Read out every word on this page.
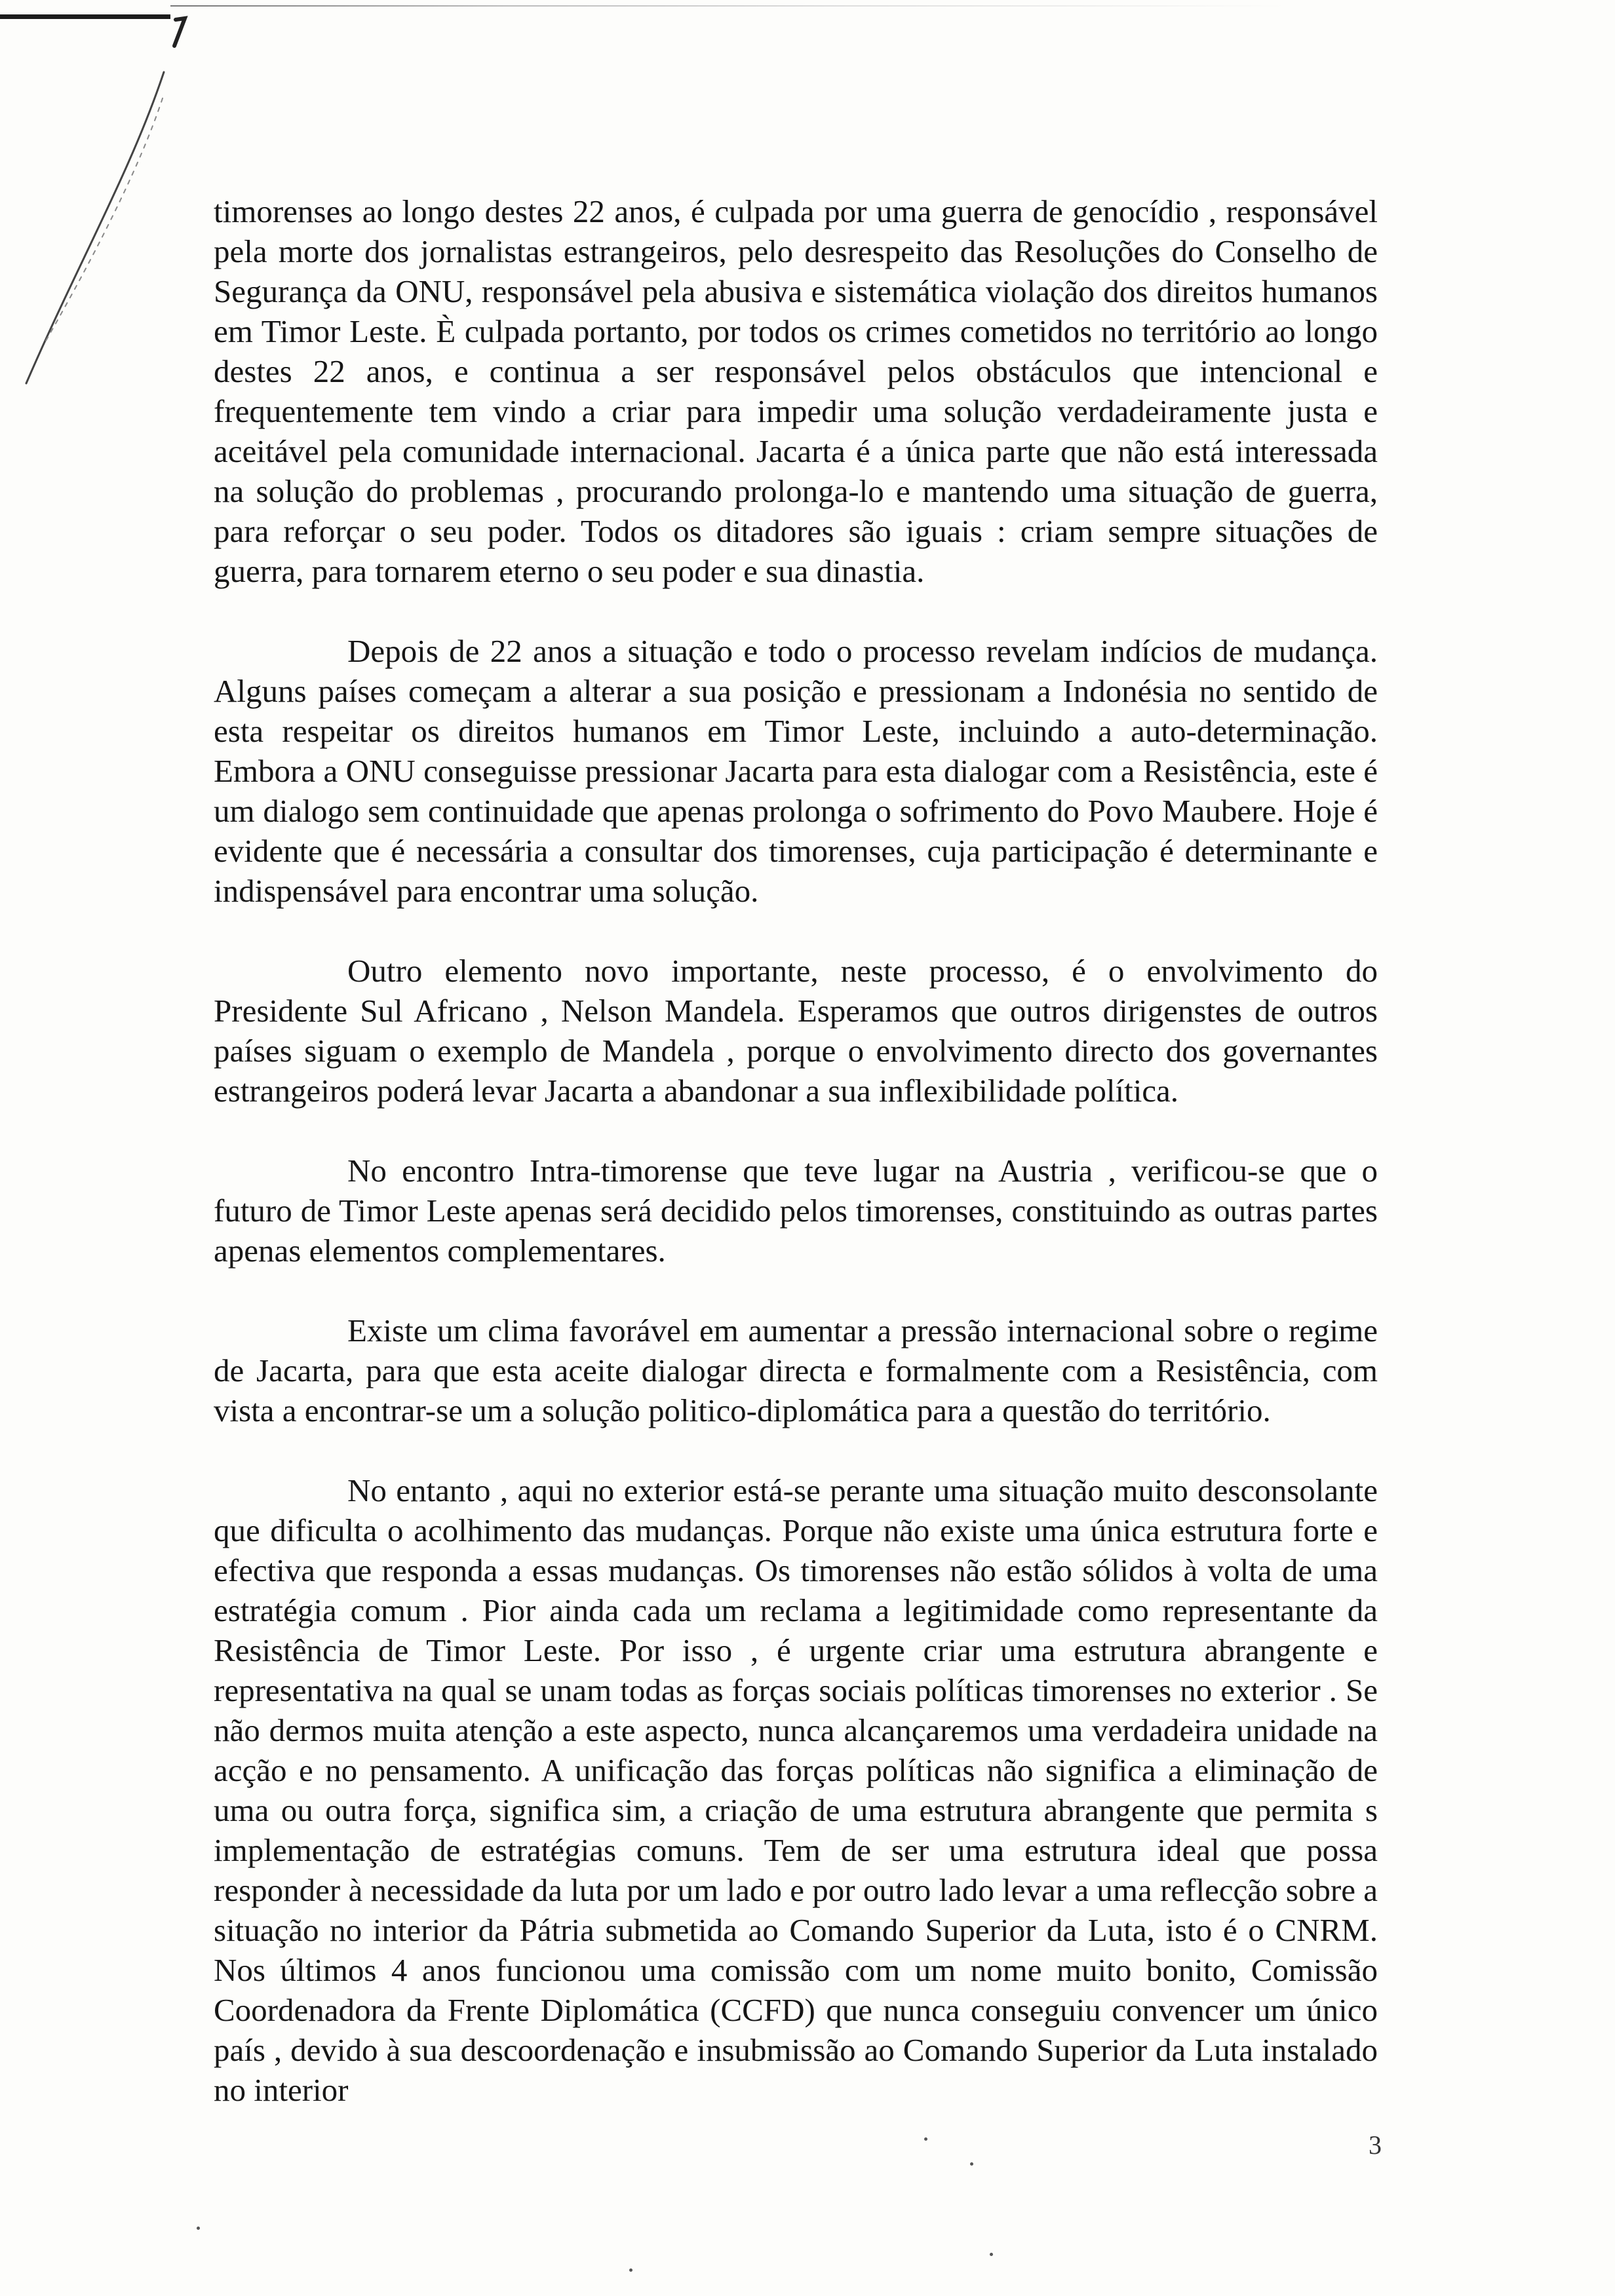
timorenses ao longo destes 22 anos, é culpada por uma guerra de genocídio , responsável pela morte dos jornalistas estrangeiros, pelo desrespeito das Resoluções do Conselho de Segurança da ONU, responsável pela abusiva e sistemática violação dos direitos humanos em Timor Leste. È culpada portanto, por todos os crimes cometidos no território ao longo destes 22 anos, e continua a ser responsável pelos obstáculos que intencional e frequentemente tem vindo a criar para impedir uma solução verdadeiramente justa e aceitável pela comunidade internacional. Jacarta é a única parte que não está interessada na solução do problemas , procurando prolonga-lo e mantendo uma situação de guerra, para reforçar o seu poder. Todos os ditadores são iguais : criam sempre situações de guerra, para tornarem eterno o seu poder e sua dinastia.

Depois de 22 anos a situação e todo o processo revelam indícios de mudança. Alguns países começam a alterar a sua posição e pressionam a Indonésia no sentido de esta respeitar os direitos humanos em Timor Leste, incluindo a auto-determinação. Embora a ONU conseguisse pressionar Jacarta para esta dialogar com a Resistência, este é um dialogo sem continuidade que apenas prolonga o sofrimento do Povo Maubere. Hoje é evidente que é necessária a consultar dos timorenses, cuja participação é determinante e indispensável para encontrar uma solução.

Outro elemento novo importante, neste processo, é o envolvimento do Presidente Sul Africano , Nelson Mandela. Esperamos que outros dirigenstes de outros países siguam o exemplo de Mandela , porque o envolvimento directo dos governantes estrangeiros poderá levar Jacarta a abandonar a sua inflexibilidade política.

No encontro Intra-timorense que teve lugar na Austria , verificou-se que o futuro de Timor Leste apenas será decidido pelos timorenses, constituindo as outras partes apenas elementos complementares.

Existe um clima favorável em aumentar a pressão internacional sobre o regime de Jacarta, para que esta aceite dialogar directa e formalmente com a Resistência, com vista a encontrar-se um a solução politico-diplomática para a questão do território.

No entanto , aqui no exterior está-se perante uma situação muito desconsolante que dificulta o acolhimento das mudanças. Porque não existe uma única estrutura forte e efectiva que responda a essas mudanças. Os timorenses não estão sólidos à volta de uma estratégia comum . Pior ainda cada um reclama a legitimidade como representante da Resistência de Timor Leste. Por isso , é urgente criar uma estrutura abrangente e representativa na qual se unam todas as forças sociais políticas timorenses no exterior . Se não dermos muita atenção a este aspecto, nunca alcançaremos uma verdadeira unidade na acção e no pensamento. A unificação das forças políticas não significa a eliminação de uma ou outra força, significa sim, a criação de uma estrutura abrangente que permita s implementação de estratégias comuns. Tem de ser uma estrutura ideal que possa responder à necessidade da luta por um lado e por outro lado levar a uma reflecção sobre a situação no interior da Pátria submetida ao Comando Superior da Luta, isto é o CNRM. Nos últimos 4 anos funcionou uma comissão com um nome muito bonito, Comissão Coordenadora da Frente Diplomática (CCFD) que nunca conseguiu convencer um único país , devido à sua descoordenação e insubmissão ao Comando Superior da Luta instalado no interior

3
